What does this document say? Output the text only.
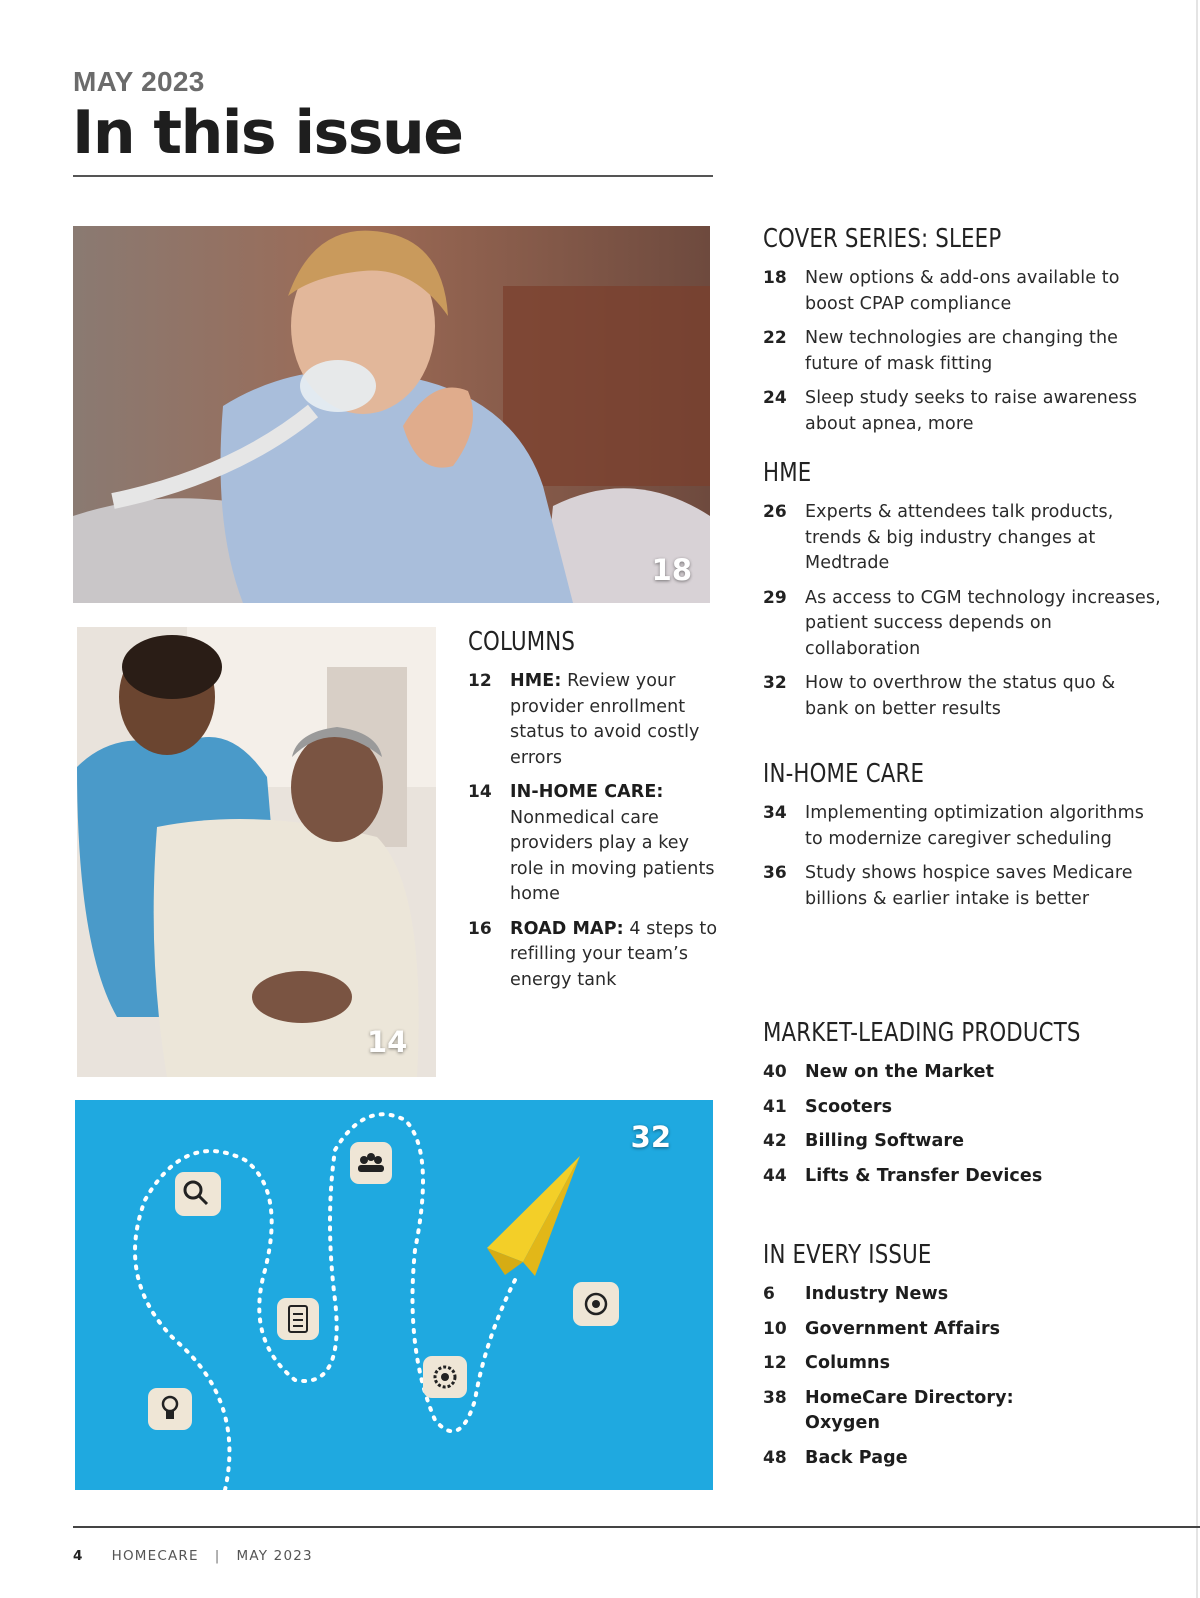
MAY 2023
In this issue
18
14
32
COVER SERIES: SLEEP
18	New options & add-ons available to boost CPAP compliance
22	New technologies are changing the future of mask fitting
24	Sleep study seeks to raise awareness about apnea, more
HME
26	Experts & attendees talk products, trends & big industry changes at Medtrade
29	As access to CGM technology increases, patient success depends on collaboration
32	How to overthrow the status quo & bank on better results
IN-HOME CARE
34	Implementing optimization algorithms to modernize caregiver scheduling
36	Study shows hospice saves Medicare billions & earlier intake is better
MARKET-LEADING PRODUCTS
40	New on the Market
41	Scooters
42	Billing Software
44	Lifts & Transfer Devices
IN EVERY ISSUE
6	Industry News
10	Government Affairs
12	Columns
38	HomeCare Directory: Oxygen
48	Back Page
COLUMNS
12	HME: Review your provider enrollment status to avoid costly errors
14	IN-HOME CARE: Nonmedical care providers play a key role in moving patients home
16	ROAD MAP: 4 steps to refilling your team’s energy tank
4 HOMECARE | MAY 2023
